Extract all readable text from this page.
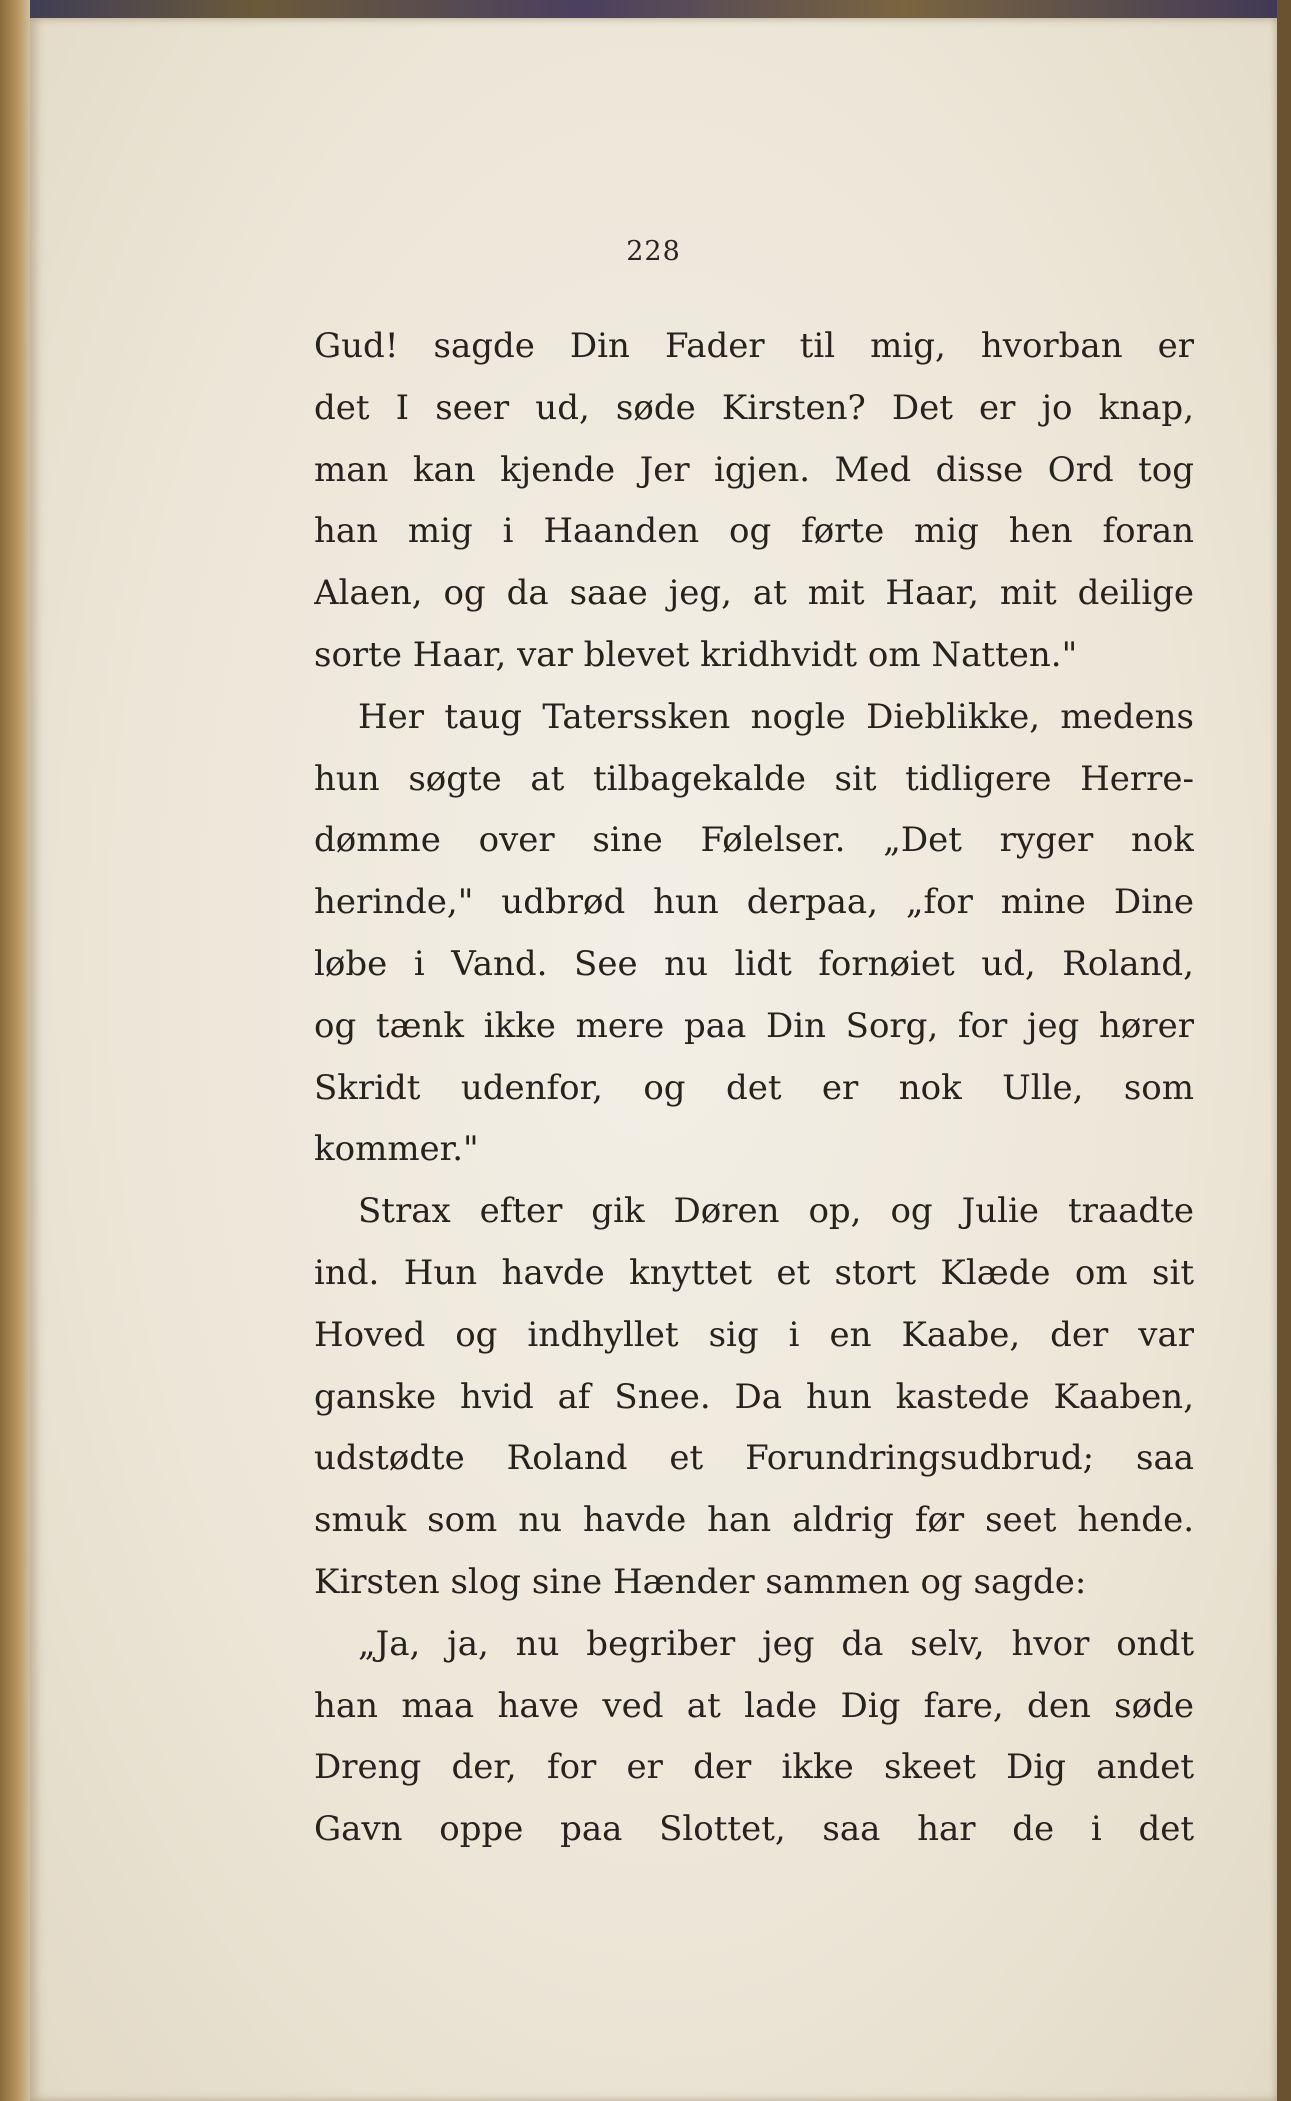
228
Gud! sagde Din Fader til mig, hvorban er
det I seer ud, søde Kirsten? Det er jo knap,
man kan kjende Jer igjen. Med disse Ord tog
han mig i Haanden og førte mig hen foran
Alaen, og da saae jeg, at mit Haar, mit deilige
sorte Haar, var blevet kridhvidt om Natten."
Her taug Taterssken nogle Dieblikke, medens
hun søgte at tilbagekalde sit tidligere Herre-
dømme over sine Følelser. „Det ryger nok
herinde," udbrød hun derpaa, „for mine Dine
løbe i Vand. See nu lidt fornøiet ud, Roland,
og tænk ikke mere paa Din Sorg, for jeg hører
Skridt udenfor, og det er nok Ulle, som
kommer."
Strax efter gik Døren op, og Julie traadte
ind. Hun havde knyttet et stort Klæde om sit
Hoved og indhyllet sig i en Kaabe, der var
ganske hvid af Snee. Da hun kastede Kaaben,
udstødte Roland et Forundringsudbrud; saa
smuk som nu havde han aldrig før seet hende.
Kirsten slog sine Hænder sammen og sagde:
„Ja, ja, nu begriber jeg da selv, hvor ondt
han maa have ved at lade Dig fare, den søde
Dreng der, for er der ikke skeet Dig andet
Gavn oppe paa Slottet, saa har de i det
